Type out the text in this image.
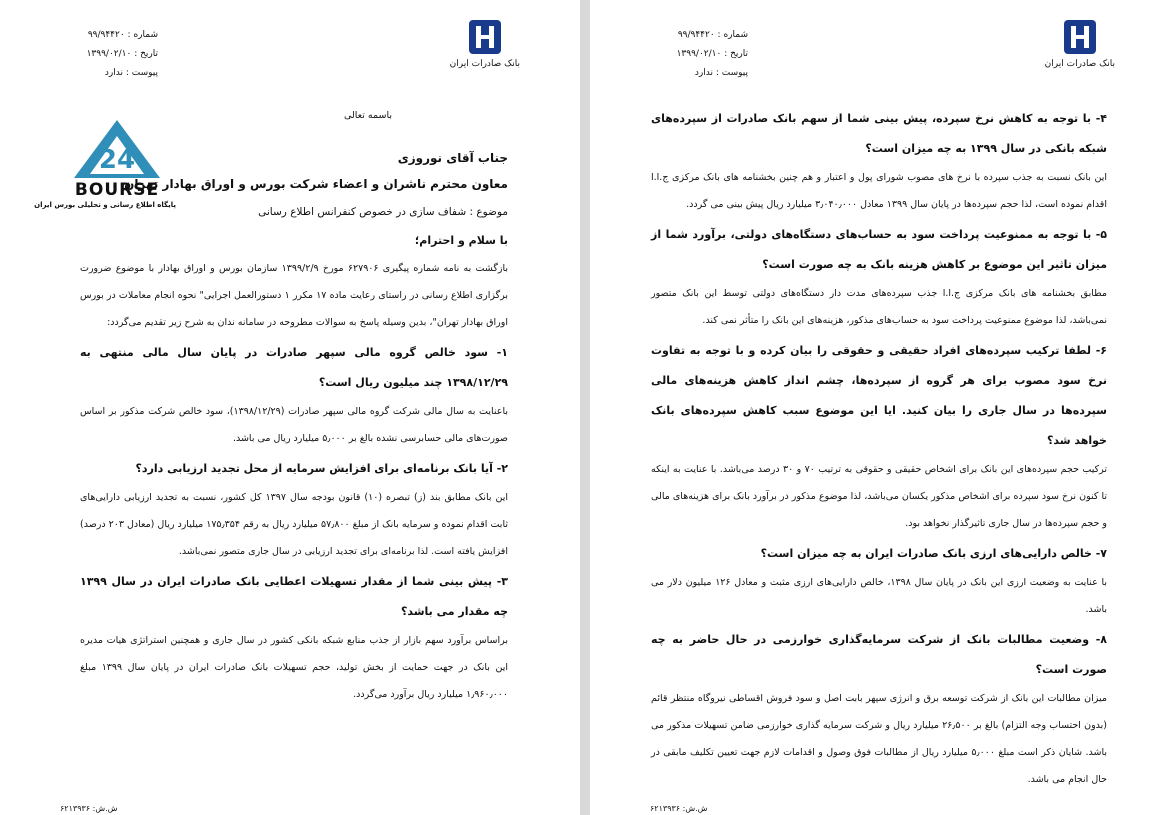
شماره : ۹۹/۹۴۴۲۰
تاریخ : ۱۳۹۹/۰۲/۱۰
پیوست : ندارد
بانک صادرات ایران
24
BOURSE
پایگاه اطلاع رسانی و تحلیلی بورس ایران
باسمه تعالی
جناب آقای نوروزی
معاون محترم ناشران و اعضاء شرکت بورس و اوراق بهادار تهران
موضوع : شفاف سازی در خصوص کنفرانس اطلاع رسانی
با سلام و احترام؛

بازگشت به نامه شماره پیگیری ۶۲۷۹۰۶ مورخ ۱۳۹۹/۲/۹ سازمان بورس و اوراق بهادار با موضوع ضرورت برگزاری اطلاع رسانی در راستای رعایت ماده ۱۷ مکرر ۱ دستورالعمل اجرایی" نحوه انجام معاملات در بورس اوراق بهادار تهران"، بدین وسیله پاسخ به سوالات مطروحه در سامانه ندان به شرح زیر تقدیم می‌گردد:

۱- سود خالص گروه مالی سپهر صادرات در پایان سال مالی منتهی به ۱۳۹۸/۱۲/۲۹ چند میلیون ریال است؟

باعنایت به سال مالی شرکت گروه مالی سپهر صادرات (۱۳۹۸/۱۲/۲۹)، سود خالص شرکت مذکور بر اساس صورت‌های مالی حسابرسی نشده بالغ بر ۵٫۰۰۰ میلیارد ریال می باشد.

۲- آیا بانک برنامه‌ای برای افزایش سرمایه از محل تجدید ارزیابی دارد؟

این بانک مطابق بند (ز) تبصره (۱۰) قانون بودجه سال ۱۳۹۷ کل کشور، نسبت به تجدید ارزیابی دارایی‌های ثابت اقدام نموده و سرمایه بانک از مبلغ ۵۷٫۸۰۰ میلیارد ریال به رقم ۱۷۵٫۳۵۴ میلیارد ریال (معادل ۲۰۳ درصد) افزایش یافته است. لذا برنامه‌ای برای تجدید ارزیابی در سال جاری متصور نمی‌باشد.

۳- پیش بینی شما از مقدار تسهیلات اعطایی بانک صادرات ایران در سال ۱۳۹۹ چه مقدار می باشد؟

براساس برآورد سهم بازار از جذب منابع شبکه بانکی کشور در سال جاری و همچنین استراتژی هیات مدیره این بانک در جهت حمایت از بخش تولید، حجم تسهیلات بانک صادرات ایران در پایان سال ۱۳۹۹ مبلغ ۱٫۹۶۰٫۰۰۰ میلیارد ریال برآورد می‌گردد.

ش.ش: ۶۲۱۳۹۳۶
شماره : ۹۹/۹۴۴۲۰
تاریخ : ۱۳۹۹/۰۲/۱۰
پیوست : ندارد
بانک صادرات ایران

۴- با توجه به کاهش نرخ سپرده، پیش بینی شما از سهم بانک صادرات از سپرده‌های شبکه بانکی در سال ۱۳۹۹ به چه میزان است؟

این بانک نسبت به جذب سپرده با نرخ های مصوب شورای پول و اعتبار و هم چنین بخشنامه های بانک مرکزی ج.ا.ا اقدام نموده است، لذا حجم سپرده‌ها در پایان سال ۱۳۹۹ معادل ۳٫۰۴۰٫۰۰۰ میلیارد ریال پیش بینی می گردد.

۵- با توجه به ممنوعیت پرداخت سود به حساب‌های دستگاه‌های دولتی، برآورد شما از میزان تاثیر این موضوع بر کاهش هزینه بانک به چه صورت است؟

مطابق بخشنامه های بانک مرکزی ج.ا.ا جذب سپرده‌های مدت دار دستگاه‌های دولتی توسط این بانک متصور نمی‌باشد، لذا موضوع ممنوعیت پرداخت سود به حساب‌های مذکور، هزینه‌های این بانک را متأثر نمی کند.

۶- لطفا ترکیب سپرده‌های افراد حقیقی و حقوقی را بیان کرده و با توجه به تفاوت نرخ سود مصوب برای هر گروه از سپرده‌ها، چشم انداز کاهش هزینه‌های مالی سپرده‌ها در سال جاری را بیان کنید. ایا این موضوع سبب کاهش سپرده‌های بانک خواهد شد؟

ترکیب حجم سپرده‌های این بانک برای اشخاص حقیقی و حقوقی به ترتیب ۷۰ و ۳۰ درصد می‌باشد. با عنایت به اینکه تا کنون نرخ سود سپرده برای اشخاص مذکور یکسان می‌باشد، لذا موضوع مذکور در برآورد بانک برای هزینه‌های مالی و حجم سپرده‌ها در سال جاری تاثیرگذار نخواهد بود.

۷- خالص دارایی‌های ارزی بانک صادرات ایران به چه میزان است؟

با عنایت به وضعیت ارزی این بانک در پایان سال ۱۳۹۸، خالص دارایی‌های ارزی مثبت و معادل ۱۲۶ میلیون دلار می باشد.

۸- وضعیت مطالبات بانک از شرکت سرمایه‌گذاری خوارزمی در حال حاضر به چه صورت است؟

میزان مطالبات این بانک از شرکت توسعه برق و انرژی سپهر بابت اصل و سود فروش اقساطی نیروگاه منتظر قائم (بدون احتساب وجه التزام) بالغ بر ۲۶٫۵۰۰ میلیارد ریال و شرکت سرمایه گذاری خوارزمی ضامن تسهیلات مذکور می باشد. شایان ذکر است مبلغ ۵٫۰۰۰ میلیارد ریال از مطالبات فوق وصول و اقدامات لازم جهت تعیین تکلیف مابقی در حال انجام می باشد.

ش.ش: ۶۲۱۳۹۳۶
